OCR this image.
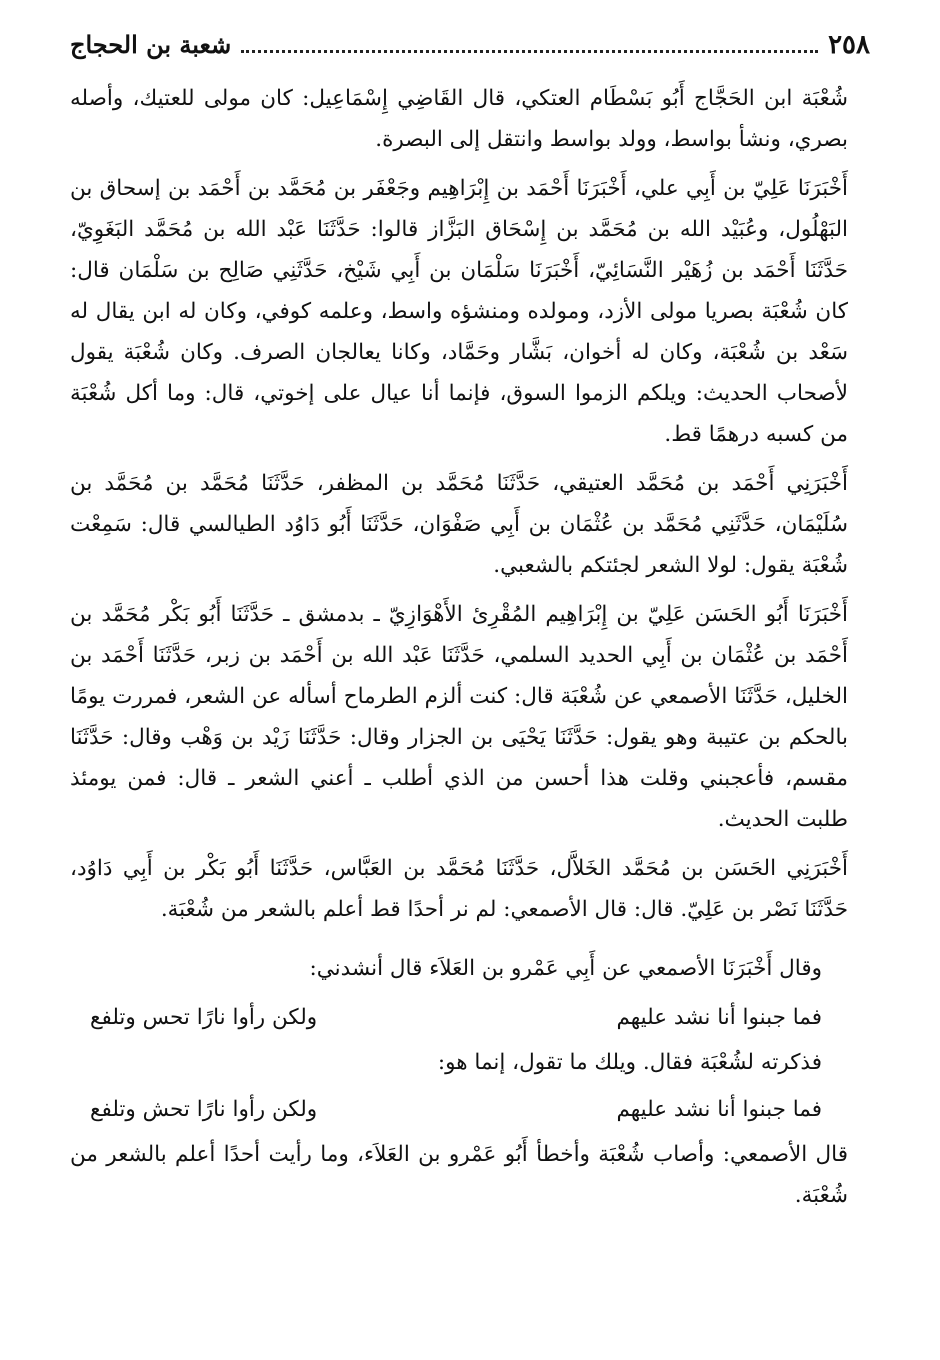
٢٥٨
شعبة بن الحجاج

شُعْبَة ابن الحَجَّاج أَبُو بَسْطَام العتكي، قال القَاضِي إِسْمَاعِيل: كان مولى للعتيك، وأصله بصري، ونشأ بواسط، وولد بواسط وانتقل إلى البصرة.

أَخْبَرَنَا عَلِيّ بن أَبِي علي، أَخْبَرَنَا أَحْمَد بن إِبْرَاهِيم وجَعْفَر بن مُحَمَّد بن أَحْمَد بن إسحاق بن البَهْلُول، وعُبَيْد الله بن مُحَمَّد بن إِسْحَاق البَزَّاز قالوا: حَدَّثَنَا عَبْد الله بن مُحَمَّد البَغَوِيّ، حَدَّثَنَا أَحْمَد بن زُهَيْر النَّسَائِيّ، أَخْبَرَنَا سَلْمَان بن أَبِي شَيْخ، حَدَّثَنِي صَالِح بن سَلْمَان قال: كان شُعْبَة بصريا مولى الأزد، ومولده ومنشؤه واسط، وعلمه كوفي، وكان له ابن يقال له سَعْد بن شُعْبَة، وكان له أخوان، بَشَّار وحَمَّاد، وكانا يعالجان الصرف. وكان شُعْبَة يقول لأصحاب الحديث: ويلكم الزموا السوق، فإنما أنا عيال على إخوتي، قال: وما أكل شُعْبَة من كسبه درهمًا قط.

أَخْبَرَنِي أَحْمَد بن مُحَمَّد العتيقي، حَدَّثَنَا مُحَمَّد بن المظفر، حَدَّثَنَا مُحَمَّد بن مُحَمَّد بن سُلَيْمَان، حَدَّثَنِي مُحَمَّد بن عُثْمَان بن أَبِي صَفْوَان، حَدَّثَنَا أَبُو دَاوُد الطيالسي قال: سَمِعْت شُعْبَة يقول: لولا الشعر لجئتكم بالشعبي.

أَخْبَرَنَا أَبُو الحَسَن عَلِيّ بن إِبْرَاهِيم المُقْرِئ الأَهْوَازِيّ ـ بدمشق ـ حَدَّثَنَا أَبُو بَكْر مُحَمَّد بن أَحْمَد بن عُثْمَان بن أَبِي الحديد السلمي، حَدَّثَنَا عَبْد الله بن أَحْمَد بن زبر، حَدَّثَنَا أَحْمَد بن الخليل، حَدَّثَنَا الأصمعي عن شُعْبَة قال: كنت ألزم الطرماح أسأله عن الشعر، فمررت يومًا بالحكم بن عتيبة وهو يقول: حَدَّثَنَا يَحْيَى بن الجزار وقال: حَدَّثَنَا زَيْد بن وَهْب وقال: حَدَّثَنَا مقسم، فأعجبني وقلت هذا أحسن من الذي أطلب ـ أعني الشعر ـ قال: فمن يومئذ طلبت الحديث.

أَخْبَرَنِي الحَسَن بن مُحَمَّد الخَلاَّل، حَدَّثَنَا مُحَمَّد بن العَبَّاس، حَدَّثَنَا أَبُو بَكْر بن أَبِي دَاوُد، حَدَّثَنَا نَصْر بن عَلِيّ. قال: قال الأصمعي: لم نر أحدًا قط أعلم بالشعر من شُعْبَة.

وقال أَخْبَرَنَا الأصمعي عن أَبِي عَمْرو بن العَلاَء قال أنشدني:

فما جبنوا أنا نشد عليهم
ولكن رأوا نارًا تحس وتلفع

فذكرته لشُعْبَة فقال. ويلك ما تقول، إنما هو:

فما جبنوا أنا نشد عليهم
ولكن رأوا نارًا تحش وتلفع

قال الأصمعي: وأصاب شُعْبَة وأخطأ أَبُو عَمْرو بن العَلاَء، وما رأيت أحدًا أعلم بالشعر من شُعْبَة.
